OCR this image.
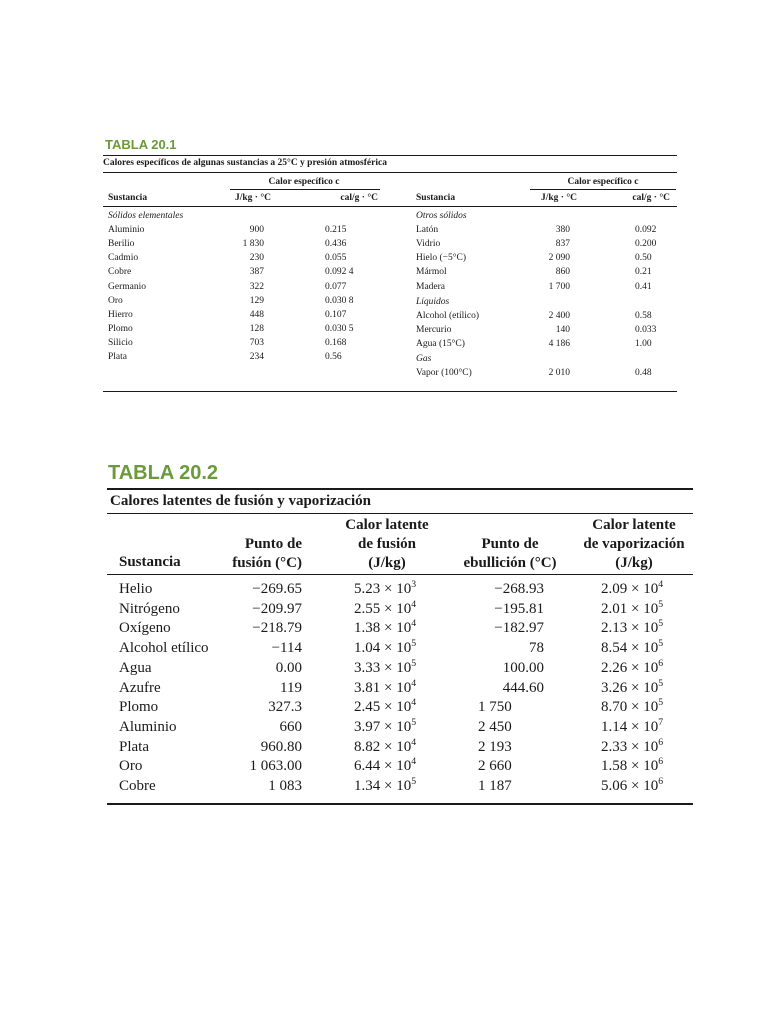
TABLA 20.1
Calores específicos de algunas sustancias a 25°C y presión atmosférica
Calor específico c	Calor específico c
Sustancia	J/kg · °C	cal/g · °C	Sustancia	J/kg · °C	cal/g · °C
Sólidos elementales
Aluminio	900	0.215
Berilio	1 830	0.436
Cadmio	230	0.055
Cobre	387	0.092 4
Germanio	322	0.077
Oro	129	0.030 8
Hierro	448	0.107
Plomo	128	0.030 5
Silicio	703	0.168
Plata	234	0.56
Otros sólidos
Latón	380	0.092
Vidrio	837	0.200
Hielo (−5°C)	2 090	0.50
Mármol	860	0.21
Madera	1 700	0.41
Líquidos
Alcohol (etílico)	2 400	0.58
Mercurio	140	0.033
Agua (15°C)	4 186	1.00
Gas
Vapor (100°C)	2 010	0.48
TABLA 20.2
Calores latentes de fusión y vaporización
Sustancia
Punto de
fusión (°C)
Calor latente
de fusión
(J/kg)
Punto de
ebullición (°C)
Calor latente
de vaporización
(J/kg)
Helio	−269.65	$5.23 \times 10^3$	−268.93	$2.09 \times 10^4$
Nitrógeno	−209.97	$2.55 \times 10^4$	−195.81	$2.01 \times 10^5$
Oxígeno	−218.79	$1.38 \times 10^4$	−182.97	$2.13 \times 10^5$
Alcohol etílico	−114	$1.04 \times 10^5$	78	$8.54 \times 10^5$
Agua	0.00	$3.33 \times 10^5$	100.00	$2.26 \times 10^6$
Azufre	119	$3.81 \times 10^4$	444.60	$3.26 \times 10^5$
Plomo	327.3	$2.45 \times 10^4$	1 750	$8.70 \times 10^5$
Aluminio	660	$3.97 \times 10^5$	2 450	$1.14 \times 10^7$
Plata	960.80	$8.82 \times 10^4$	2 193	$2.33 \times 10^6$
Oro	1 063.00	$6.44 \times 10^4$	2 660	$1.58 \times 10^6$
Cobre	1 083	$1.34 \times 10^5$	1 187	$5.06 \times 10^6$
